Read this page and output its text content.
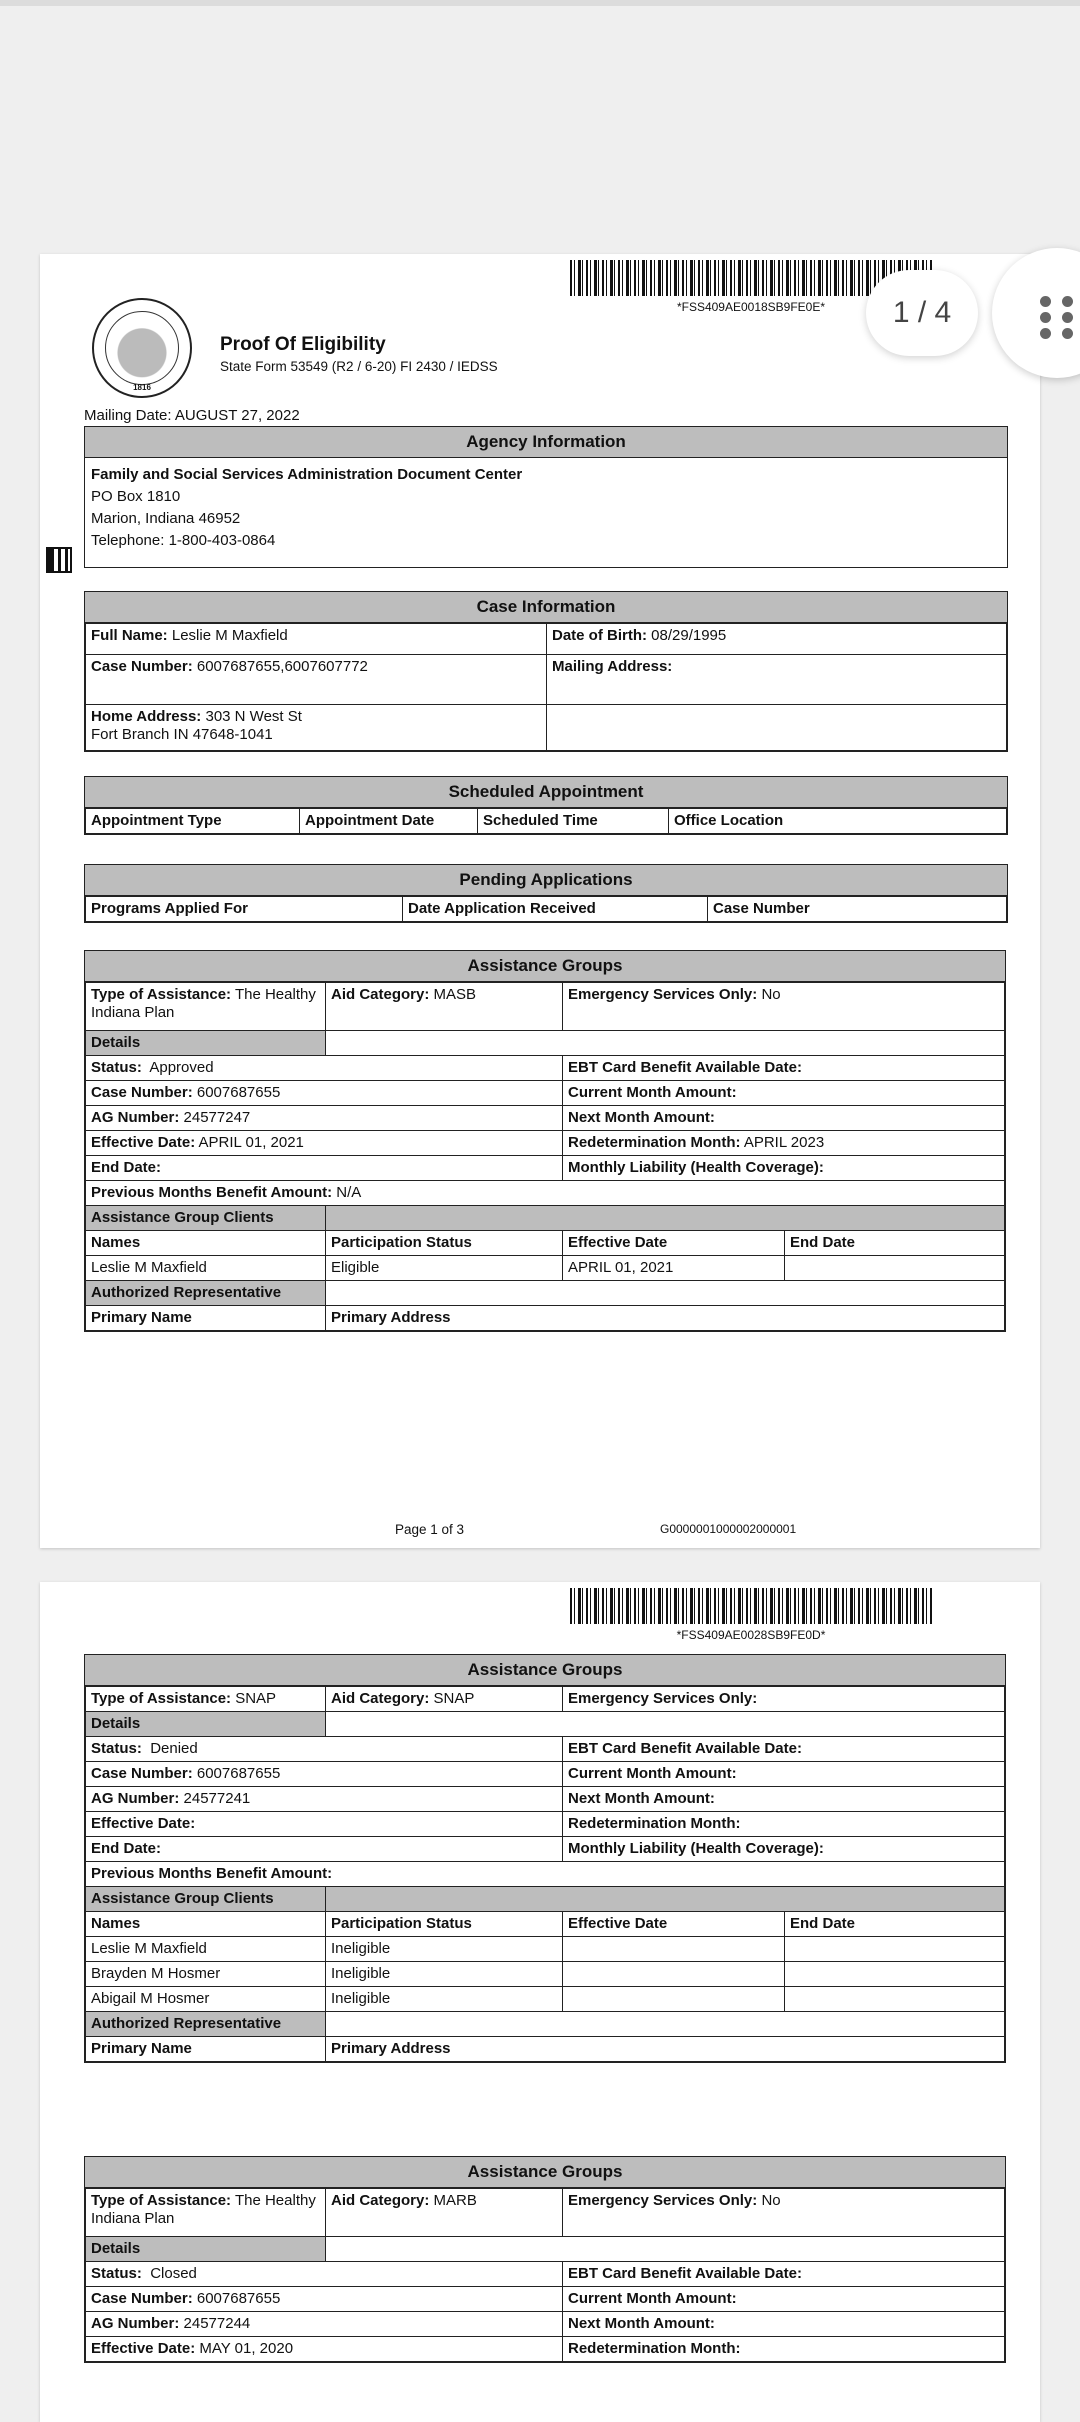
*FSS409AE0018SB9FE0E*
1816
Proof Of Eligibility
State Form 53549 (R2 / 6-20) FI 2430 / IEDSS
Mailing Date: AUGUST 27, 2022
Agency Information
Family and Social Services Administration Document Center
PO Box 1810
Marion, Indiana 46952
Telephone: 1-800-403-0864
Case Information
Full Name: Leslie M Maxfield	Date of Birth: 08/29/1995
Case Number: 6007687655,6007607772	Mailing Address:
Home Address: 303 N West St
Fort Branch IN 47648-1041	
Scheduled Appointment
Appointment Type	Appointment Date	Scheduled Time	Office Location
Pending Applications
Programs Applied For	Date Application Received	Case Number
Assistance Groups
Type of Assistance: The Healthy Indiana Plan	Aid Category: MASB	Emergency Services Only: No	
Details			
Status: Approved		EBT Card Benefit Available Date:	
Case Number: 6007687655		Current Month Amount:	
AG Number: 24577247		Next Month Amount:	
Effective Date: APRIL 01, 2021		Redetermination Month: APRIL 2023	
End Date:		Monthly Liability (Health Coverage):	
Previous Months Benefit Amount: N/A			
Assistance Group Clients			
Names	Participation Status	Effective Date	End Date
Leslie M Maxfield	Eligible	APRIL 01, 2021	
Authorized Representative			
Primary Name	Primary Address		
Page 1 of 3	G0000001000002000001
*FSS409AE0028SB9FE0D*
Assistance Groups
Type of Assistance: SNAP	Aid Category: SNAP	Emergency Services Only:	
Details			
Status: Denied		EBT Card Benefit Available Date:	
Case Number: 6007687655		Current Month Amount:	
AG Number: 24577241		Next Month Amount:	
Effective Date:		Redetermination Month:	
End Date:		Monthly Liability (Health Coverage):	
Previous Months Benefit Amount:			
Assistance Group Clients			
Names	Participation Status	Effective Date	End Date
Leslie M Maxfield	Ineligible		
Brayden M Hosmer	Ineligible		
Abigail M Hosmer	Ineligible		
Authorized Representative			
Primary Name	Primary Address		
Assistance Groups
Type of Assistance: The Healthy Indiana Plan	Aid Category: MARB	Emergency Services Only: No
Details		
Status: Closed		EBT Card Benefit Available Date:
Case Number: 6007687655		Current Month Amount:
AG Number: 24577244		Next Month Amount:
Effective Date: MAY 01, 2020		Redetermination Month:
1 / 4
